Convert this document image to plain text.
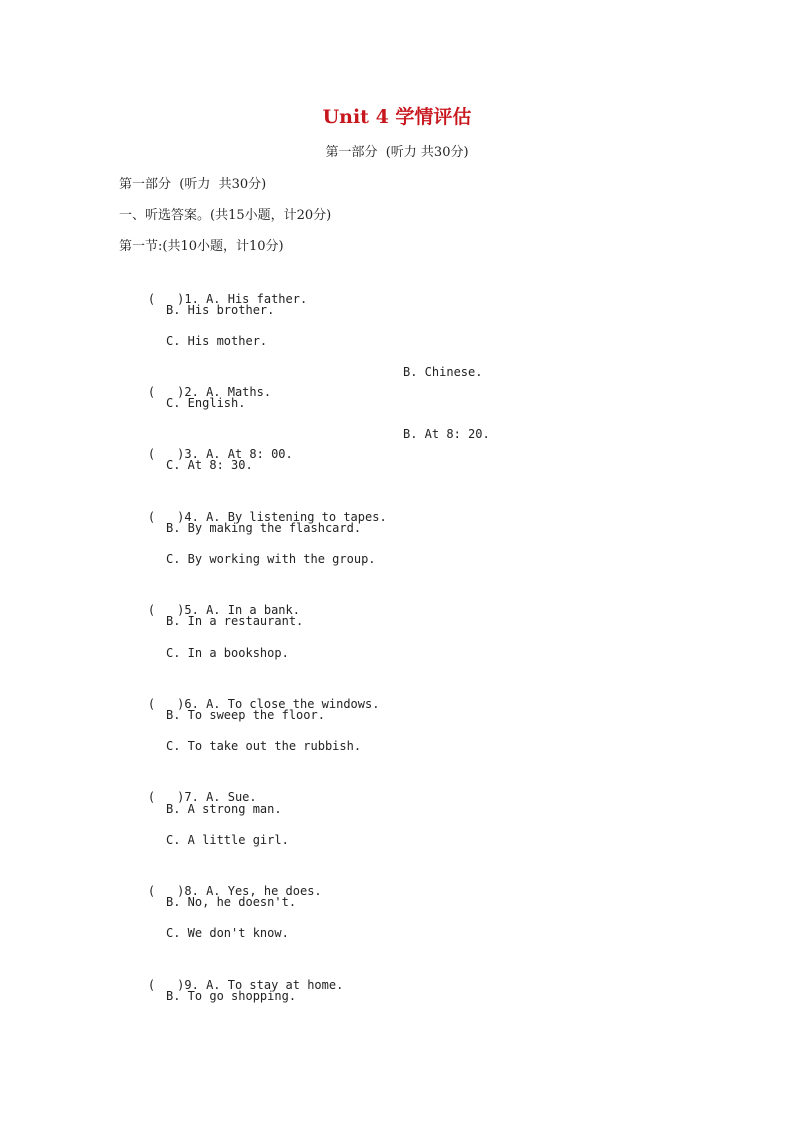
Unit 4 学情评估
第一部分  (听力 共30分)
第一部分  (听力  共30分)
一、听选答案。(共15小题，计20分)
第一节:(共10小题，计10分)

( )1. A. His father.

B. His brother.
C. His mother.

( )2. A. Maths.

B. Chinese.
C. English.

( )3. A. At 8: 00.

B. At 8: 20.
C. At 8: 30.

( )4. A. By listening to tapes.

B. By making the flashcard.
C. By working with the group.

( )5. A. In a bank.

B. In a restaurant.
C. In a bookshop.

( )6. A. To close the windows.

B. To sweep the floor.
C. To take out the rubbish.

( )7. A. Sue.

B. A strong man.
C. A little girl.

( )8. A. Yes, he does.

B. No, he doesn't.
C. We don't know.

( )9. A. To stay at home.

B. To go shopping.
